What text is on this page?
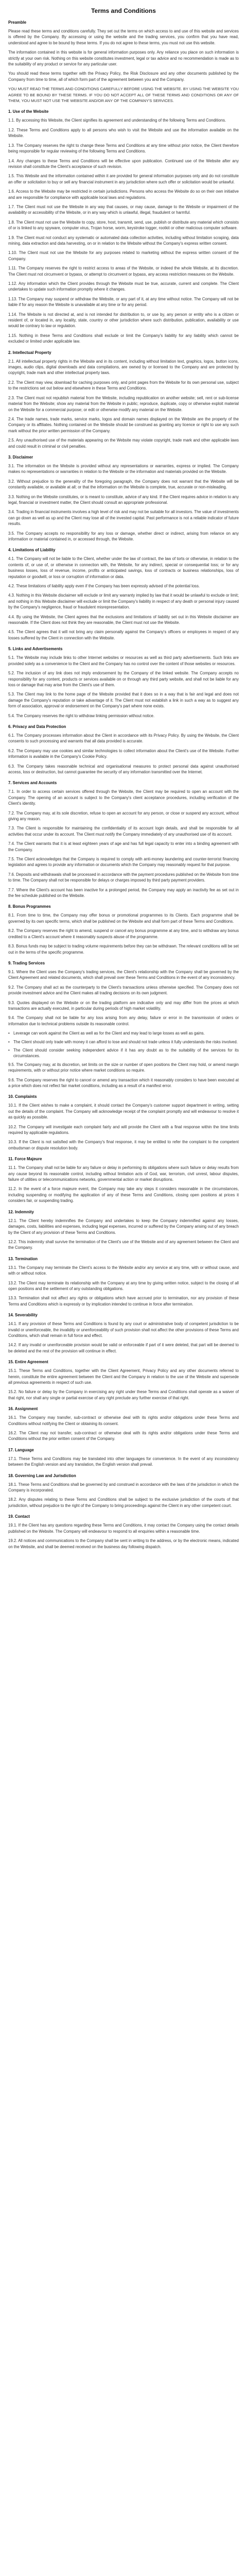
Terms and Conditions
Preamble
Please read these terms and conditions carefully. They set out the terms on which access to and use of this website and services is offered by the Company. By accessing or using the website and the trading services, you confirm that you have read, understood and agree to be bound by these terms. If you do not agree to these terms, you must not use this website.
The information contained in this website is for general information purposes only. Any reliance you place on such information is strictly at your own risk. Nothing on this website constitutes investment, legal or tax advice and no recommendation is made as to the suitability of any product or service for any particular user.
You should read these terms together with the Privacy Policy, the Risk Disclosure and any other documents published by the Company from time to time, all of which form part of the agreement between you and the Company.
YOU MUST READ THE TERMS AND CONDITIONS CAREFULLY BEFORE USING THE WEBSITE. BY USING THE WEBSITE YOU AGREE TO BE BOUND BY THESE TERMS. IF YOU DO NOT ACCEPT ALL OF THESE TERMS AND CONDITIONS OR ANY OF THEM, YOU MUST NOT USE THE WEBSITE AND/OR ANY OF THE COMPANY'S SERVICES.
1. Use of the Website
1.1. By accessing this Website, the Client signifies its agreement and understanding of the following Terms and Conditions.
1.2. These Terms and Conditions apply to all persons who wish to visit the Website and use the information available on the Website.
1.3. The Company reserves the right to change these Terms and Conditions at any time without prior notice, the Client therefore being responsible for regular reviewing of the following Terms and Conditions.
1.4. Any changes to these Terms and Conditions will be effective upon publication. Continued use of the Website after any revision shall constitute the Client's acceptance of such revision.
1.5. This Website and the information contained within it are provided for general information purposes only and do not constitute an offer or solicitation to buy or sell any financial instrument in any jurisdiction where such offer or solicitation would be unlawful.
1.6. Access to the Website may be restricted in certain jurisdictions. Persons who access the Website do so on their own initiative and are responsible for compliance with applicable local laws and regulations.
1.7. The Client must not use the Website in any way that causes, or may cause, damage to the Website or impairment of the availability or accessibility of the Website, or in any way which is unlawful, illegal, fraudulent or harmful.
1.8. The Client must not use the Website to copy, store, host, transmit, send, use, publish or distribute any material which consists of or is linked to any spyware, computer virus, Trojan horse, worm, keystroke logger, rootkit or other malicious computer software.
1.9. The Client must not conduct any systematic or automated data collection activities, including without limitation scraping, data mining, data extraction and data harvesting, on or in relation to the Website without the Company's express written consent.
1.10. The Client must not use the Website for any purposes related to marketing without the express written consent of the Company.
1.11. The Company reserves the right to restrict access to areas of the Website, or indeed the whole Website, at its discretion. The Client must not circumvent or bypass, or attempt to circumvent or bypass, any access restriction measures on the Website.
1.12. Any information which the Client provides through the Website must be true, accurate, current and complete. The Client undertakes to update such information promptly where it changes.
1.13. The Company may suspend or withdraw the Website, or any part of it, at any time without notice. The Company will not be liable if for any reason the Website is unavailable at any time or for any period.
1.14. The Website is not directed at, and is not intended for distribution to, or use by, any person or entity who is a citizen or resident of, or located in, any locality, state, country or other jurisdiction where such distribution, publication, availability or use would be contrary to law or regulation.
1.15. Nothing in these Terms and Conditions shall exclude or limit the Company's liability for any liability which cannot be excluded or limited under applicable law.
2. Intellectual Property
2.1. All intellectual property rights in the Website and in its content, including without limitation text, graphics, logos, button icons, images, audio clips, digital downloads and data compilations, are owned by or licensed to the Company and are protected by copyright, trade mark and other intellectual property laws.
2.2. The Client may view, download for caching purposes only, and print pages from the Website for its own personal use, subject to the restrictions set out below and elsewhere in these Terms and Conditions.
2.3. The Client must not republish material from the Website, including republication on another website; sell, rent or sub-license material from the Website; show any material from the Website in public; reproduce, duplicate, copy or otherwise exploit material on the Website for a commercial purpose; or edit or otherwise modify any material on the Website.
2.4. The trade names, trade marks, service marks, logos and domain names displayed on the Website are the property of the Company or its affiliates. Nothing contained on the Website should be construed as granting any licence or right to use any such mark without the prior written permission of the Company.
2.5. Any unauthorised use of the materials appearing on the Website may violate copyright, trade mark and other applicable laws and could result in criminal or civil penalties.
3. Disclaimer
3.1. The information on the Website is provided without any representations or warranties, express or implied. The Company makes no representations or warranties in relation to the Website or the information and materials provided on the Website.
3.2. Without prejudice to the generality of the foregoing paragraph, the Company does not warrant that the Website will be constantly available, or available at all; or that the information on the Website is complete, true, accurate or non-misleading.
3.3. Nothing on the Website constitutes, or is meant to constitute, advice of any kind. If the Client requires advice in relation to any legal, financial or investment matter, the Client should consult an appropriate professional.
3.4. Trading in financial instruments involves a high level of risk and may not be suitable for all investors. The value of investments can go down as well as up and the Client may lose all of the invested capital. Past performance is not a reliable indicator of future results.
3.5. The Company accepts no responsibility for any loss or damage, whether direct or indirect, arising from reliance on any information or material contained in, or accessed through, the Website.
4. Limitations of Liability
4.1. The Company will not be liable to the Client, whether under the law of contract, the law of torts or otherwise, in relation to the contents of, or use of, or otherwise in connection with, the Website, for any indirect, special or consequential loss; or for any business losses, loss of revenue, income, profits or anticipated savings, loss of contracts or business relationships, loss of reputation or goodwill, or loss or corruption of information or data.
4.2. These limitations of liability apply even if the Company has been expressly advised of the potential loss.
4.3. Nothing in this Website disclaimer will exclude or limit any warranty implied by law that it would be unlawful to exclude or limit; and nothing in this Website disclaimer will exclude or limit the Company's liability in respect of any death or personal injury caused by the Company's negligence, fraud or fraudulent misrepresentation.
4.4. By using the Website, the Client agrees that the exclusions and limitations of liability set out in this Website disclaimer are reasonable. If the Client does not think they are reasonable, the Client must not use the Website.
4.5. The Client agrees that it will not bring any claim personally against the Company's officers or employees in respect of any losses suffered by the Client in connection with the Website.
5. Links and Advertisements
5.1. The Website may include links to other Internet websites or resources as well as third party advertisements. Such links are provided solely as a convenience to the Client and the Company has no control over the content of those websites or resources.
5.2. The inclusion of any link does not imply endorsement by the Company of the linked website. The Company accepts no responsibility for any content, products or services available on or through any third party website, and shall not be liable for any loss or damage that may arise from the Client's use of them.
5.3. The Client may link to the home page of the Website provided that it does so in a way that is fair and legal and does not damage the Company's reputation or take advantage of it. The Client must not establish a link in such a way as to suggest any form of association, approval or endorsement on the Company's part where none exists.
5.4. The Company reserves the right to withdraw linking permission without notice.
6. Privacy and Data Protection
6.1. The Company processes information about the Client in accordance with its Privacy Policy. By using the Website, the Client consents to such processing and warrants that all data provided is accurate.
6.2. The Company may use cookies and similar technologies to collect information about the Client's use of the Website. Further information is available in the Company's Cookie Policy.
6.3. The Company takes reasonable technical and organisational measures to protect personal data against unauthorised access, loss or destruction, but cannot guarantee the security of any information transmitted over the Internet.
7. Services and Accounts
7.1. In order to access certain services offered through the Website, the Client may be required to open an account with the Company. The opening of an account is subject to the Company's client acceptance procedures, including verification of the Client's identity.
7.2. The Company may, at its sole discretion, refuse to open an account for any person, or close or suspend any account, without giving any reason.
7.3. The Client is responsible for maintaining the confidentiality of its account login details, and shall be responsible for all activities that occur under its account. The Client must notify the Company immediately of any unauthorised use of its account.
7.4. The Client warrants that it is at least eighteen years of age and has full legal capacity to enter into a binding agreement with the Company.
7.5. The Client acknowledges that the Company is required to comply with anti-money laundering and counter-terrorist financing legislation and agrees to provide any information or documents which the Company may reasonably request for that purpose.
7.6. Deposits and withdrawals shall be processed in accordance with the payment procedures published on the Website from time to time. The Company shall not be responsible for delays or charges imposed by third party payment providers.
7.7. Where the Client's account has been inactive for a prolonged period, the Company may apply an inactivity fee as set out in the fee schedule published on the Website.
8. Bonus Programmes
8.1. From time to time, the Company may offer bonus or promotional programmes to its Clients. Each programme shall be governed by its own specific terms, which shall be published on the Website and shall form part of these Terms and Conditions.
8.2. The Company reserves the right to amend, suspend or cancel any bonus programme at any time, and to withdraw any bonus credited to a Client's account where it reasonably suspects abuse of the programme.
8.3. Bonus funds may be subject to trading volume requirements before they can be withdrawn. The relevant conditions will be set out in the terms of the specific programme.
9. Trading Services
9.1. Where the Client uses the Company's trading services, the Client's relationship with the Company shall be governed by the Client Agreement and related documents, which shall prevail over these Terms and Conditions in the event of any inconsistency.
9.2. The Company shall act as the counterparty to the Client's transactions unless otherwise specified. The Company does not provide investment advice and the Client makes all trading decisions on its own judgment.
9.3. Quotes displayed on the Website or on the trading platform are indicative only and may differ from the prices at which transactions are actually executed, in particular during periods of high market volatility.
9.4. The Company shall not be liable for any loss arising from any delay, failure or error in the transmission of orders or information due to technical problems outside its reasonable control.
• Leverage can work against the Client as well as for the Client and may lead to large losses as well as gains.
• The Client should only trade with money it can afford to lose and should not trade unless it fully understands the risks involved.
• The Client should consider seeking independent advice if it has any doubt as to the suitability of the services for its circumstances.
9.5. The Company may, at its discretion, set limits on the size or number of open positions the Client may hold, or amend margin requirements, with or without prior notice where market conditions so require.
9.6. The Company reserves the right to cancel or amend any transaction which it reasonably considers to have been executed at a price which does not reflect fair market conditions, including as a result of a manifest error.
10. Complaints
10.1. If the Client wishes to make a complaint, it should contact the Company's customer support department in writing, setting out the details of the complaint. The Company will acknowledge receipt of the complaint promptly and will endeavour to resolve it as quickly as possible.
10.2. The Company will investigate each complaint fairly and will provide the Client with a final response within the time limits required by applicable regulations.
10.3. If the Client is not satisfied with the Company's final response, it may be entitled to refer the complaint to the competent ombudsman or dispute resolution body.
11. Force Majeure
11.1. The Company shall not be liable for any failure or delay in performing its obligations where such failure or delay results from any cause beyond its reasonable control, including without limitation acts of God, war, terrorism, civil unrest, labour disputes, failure of utilities or telecommunications networks, governmental action or market disruptions.
11.2. In the event of a force majeure event, the Company may take any steps it considers reasonable in the circumstances, including suspending or modifying the application of any of these Terms and Conditions, closing open positions at prices it considers fair, or suspending trading.
12. Indemnity
12.1. The Client hereby indemnifies the Company and undertakes to keep the Company indemnified against any losses, damages, costs, liabilities and expenses, including legal expenses, incurred or suffered by the Company arising out of any breach by the Client of any provision of these Terms and Conditions.
12.2. This indemnity shall survive the termination of the Client's use of the Website and of any agreement between the Client and the Company.
13. Termination
13.1. The Company may terminate the Client's access to the Website and/or any service at any time, with or without cause, and with or without notice.
13.2. The Client may terminate its relationship with the Company at any time by giving written notice, subject to the closing of all open positions and the settlement of any outstanding obligations.
13.3. Termination shall not affect any rights or obligations which have accrued prior to termination, nor any provision of these Terms and Conditions which is expressly or by implication intended to continue in force after termination.
14. Severability
14.1. If any provision of these Terms and Conditions is found by any court or administrative body of competent jurisdiction to be invalid or unenforceable, the invalidity or unenforceability of such provision shall not affect the other provisions of these Terms and Conditions, which shall remain in full force and effect.
14.2. If any invalid or unenforceable provision would be valid or enforceable if part of it were deleted, that part will be deemed to be deleted and the rest of the provision will continue in effect.
15. Entire Agreement
15.1. These Terms and Conditions, together with the Client Agreement, Privacy Policy and any other documents referred to herein, constitute the entire agreement between the Client and the Company in relation to the use of the Website and supersede all previous agreements in respect of such use.
15.2. No failure or delay by the Company in exercising any right under these Terms and Conditions shall operate as a waiver of that right, nor shall any single or partial exercise of any right preclude any further exercise of that right.
16. Assignment
16.1. The Company may transfer, sub-contract or otherwise deal with its rights and/or obligations under these Terms and Conditions without notifying the Client or obtaining its consent.
16.2. The Client may not transfer, sub-contract or otherwise deal with its rights and/or obligations under these Terms and Conditions without the prior written consent of the Company.
17. Language
17.1. These Terms and Conditions may be translated into other languages for convenience. In the event of any inconsistency between the English version and any translation, the English version shall prevail.
18. Governing Law and Jurisdiction
18.1. These Terms and Conditions shall be governed by and construed in accordance with the laws of the jurisdiction in which the Company is incorporated.
18.2. Any disputes relating to these Terms and Conditions shall be subject to the exclusive jurisdiction of the courts of that jurisdiction, without prejudice to the right of the Company to bring proceedings against the Client in any other competent court.
19. Contact
19.1. If the Client has any questions regarding these Terms and Conditions, it may contact the Company using the contact details published on the Website. The Company will endeavour to respond to all enquiries within a reasonable time.
19.2. All notices and communications to the Company shall be sent in writing to the address, or by the electronic means, indicated on the Website, and shall be deemed received on the business day following dispatch.
